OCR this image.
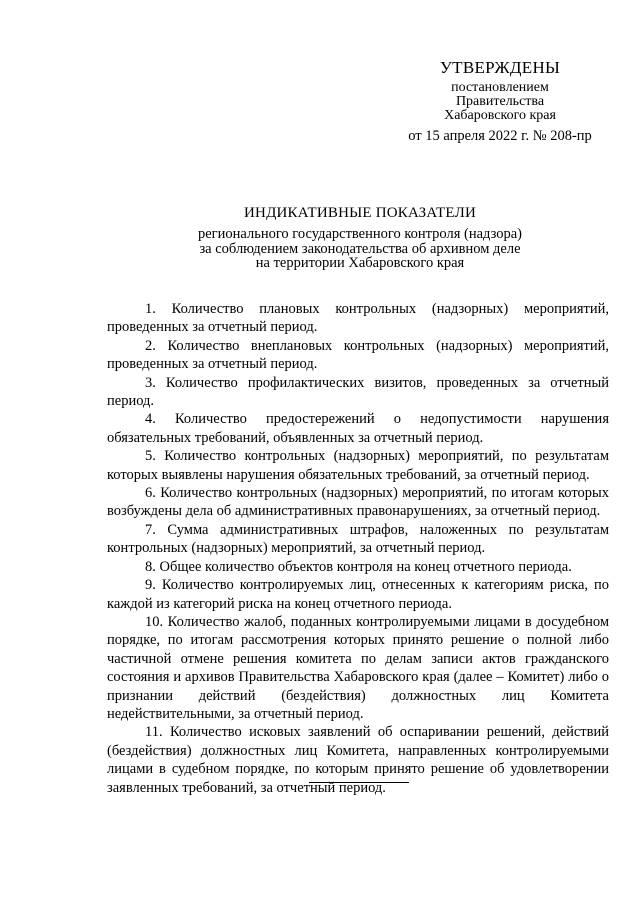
УТВЕРЖДЕНЫ
постановлением
Правительства
Хабаровского края
от 15 апреля 2022 г. № 208-пр
ИНДИКАТИВНЫЕ ПОКАЗАТЕЛИ
регионального государственного контроля (надзора)
за соблюдением законодательства об архивном деле
на территории Хабаровского края

1. Количество плановых контрольных (надзорных) мероприятий, проведенных за отчетный период.

2. Количество внеплановых контрольных (надзорных) мероприятий, проведенных за отчетный период.

3. Количество профилактических визитов, проведенных за отчетный период.

4. Количество предостережений о недопустимости нарушения обязательных требований, объявленных за отчетный период.

5. Количество контрольных (надзорных) мероприятий, по результатам которых выявлены нарушения обязательных требований, за отчетный период.

6. Количество контрольных (надзорных) мероприятий, по итогам которых возбуждены дела об административных правонарушениях, за отчетный период.

7. Сумма административных штрафов, наложенных по результатам контрольных (надзорных) мероприятий, за отчетный период.

8. Общее количество объектов контроля на конец отчетного периода.

9. Количество контролируемых лиц, отнесенных к категориям риска, по каждой из категорий риска на конец отчетного периода.

10. Количество жалоб, поданных контролируемыми лицами в досудебном порядке, по итогам рассмотрения которых принято решение о полной либо частичной отмене решения комитета по делам записи актов гражданского состояния и архивов Правительства Хабаровского края (далее – Комитет) либо о признании действий (бездействия) должностных лиц Комитета недействительными, за отчетный период.

11. Количество исковых заявлений об оспаривании решений, действий (бездействия) должностных лиц Комитета, направленных контролируемыми лицами в судебном порядке, по которым принято решение об удовлетворении заявленных требований, за отчетный период.
